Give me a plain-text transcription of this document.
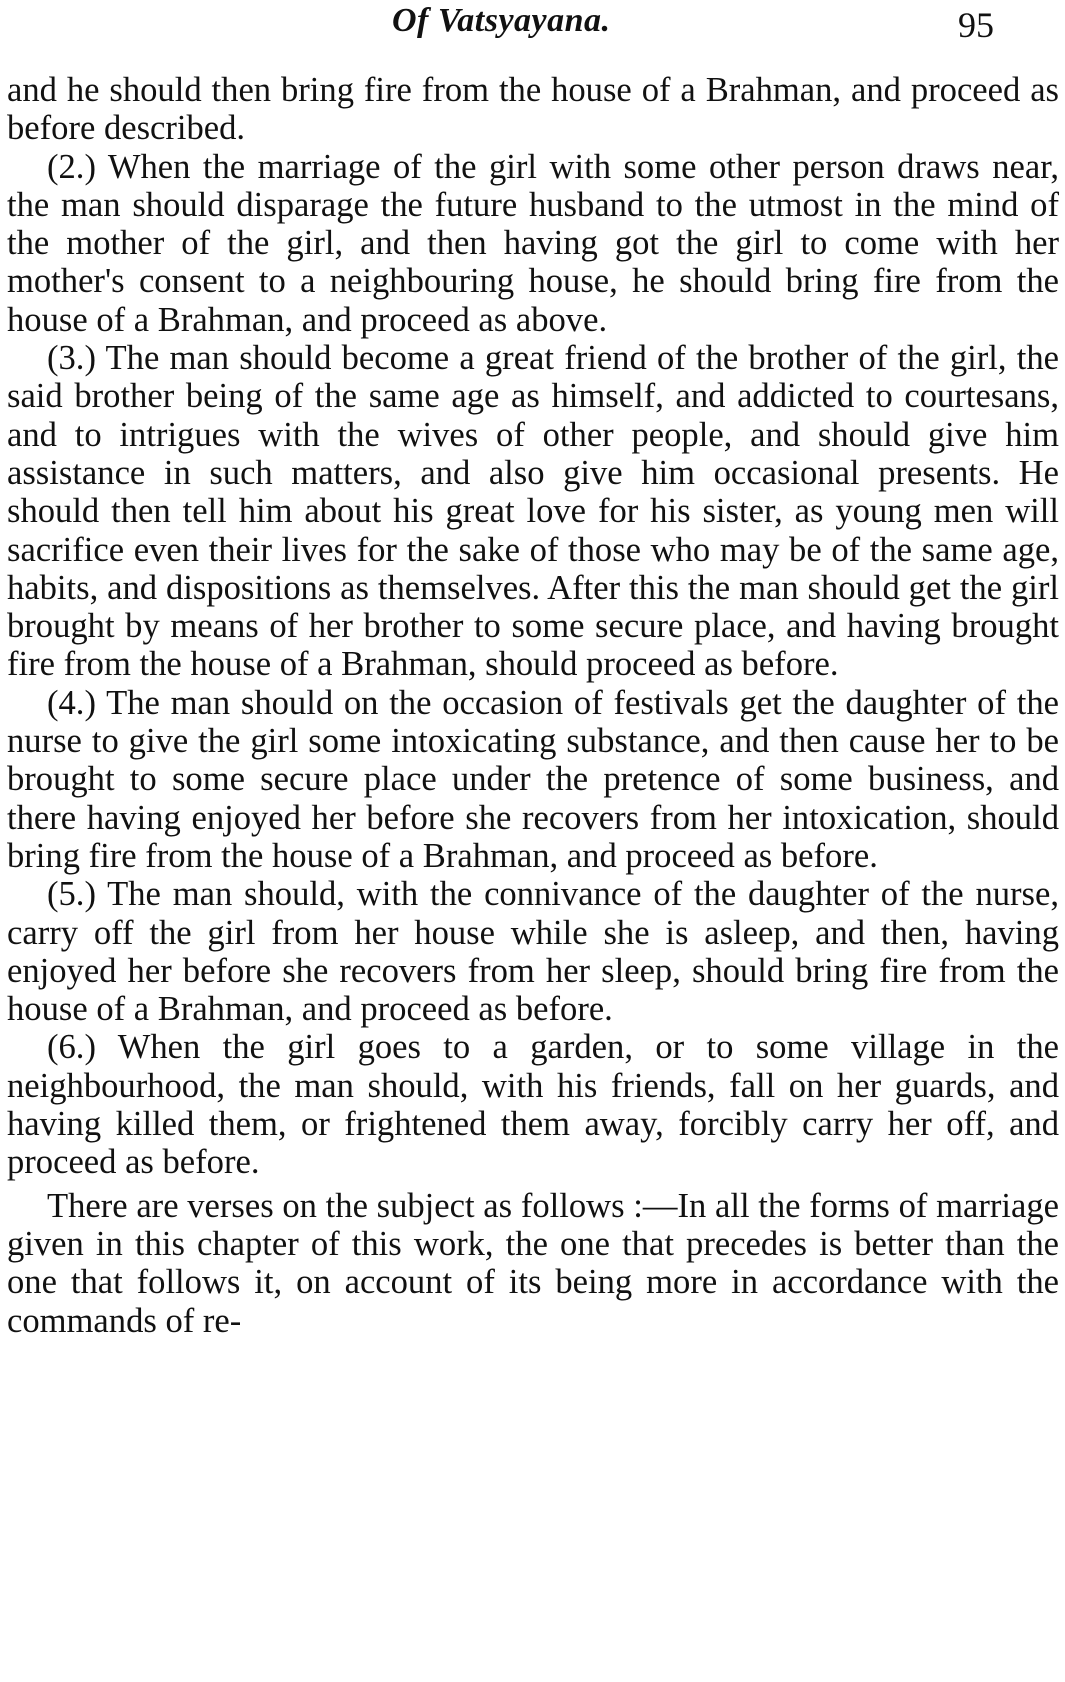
Of Vatsyayana.	95

and he should then bring fire from the house of a Brahman, and proceed as before described.

(2.) When the marriage of the girl with some other person draws near, the man should disparage the future husband to the utmost in the mind of the mother of the girl, and then having got the girl to come with her mother's consent to a neighbouring house, he should bring fire from the house of a Brahman, and proceed as above.

(3.) The man should become a great friend of the brother of the girl, the said brother being of the same age as himself, and addicted to courtesans, and to intrigues with the wives of other people, and should give him assistance in such matters, and also give him occasional presents. He should then tell him about his great love for his sister, as young men will sacrifice even their lives for the sake of those who may be of the same age, habits, and dispositions as themselves. After this the man should get the girl brought by means of her brother to some secure place, and having brought fire from the house of a Brahman, should proceed as before.

(4.) The man should on the occasion of festivals get the daughter of the nurse to give the girl some intoxicating substance, and then cause her to be brought to some secure place under the pretence of some business, and there having enjoyed her before she recovers from her intoxication, should bring fire from the house of a Brahman, and proceed as before.

(5.) The man should, with the connivance of the daughter of the nurse, carry off the girl from her house while she is asleep, and then, having enjoyed her before she recovers from her sleep, should bring fire from the house of a Brahman, and proceed as before.

(6.) When the girl goes to a garden, or to some village in the neighbourhood, the man should, with his friends, fall on her guards, and having killed them, or frightened them away, forcibly carry her off, and proceed as before.

There are verses on the subject as follows :—In all the forms of marriage given in this chapter of this work, the one that precedes is better than the one that follows it, on account of its being more in accordance with the commands of re-
